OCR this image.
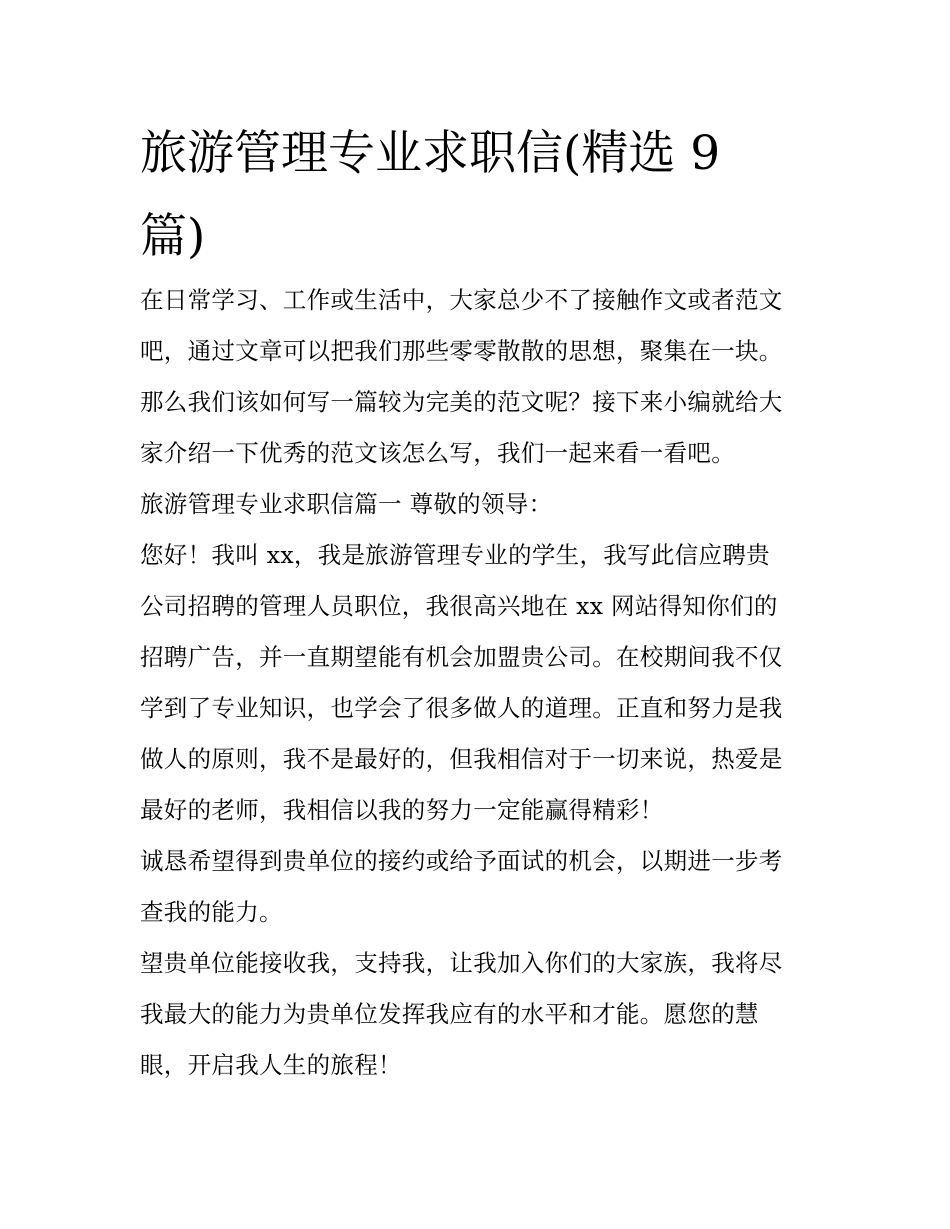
旅游管理专业求职信(精选 9 篇)

在日常学习、工作或生活中，大家总少不了接触作文或者范文

吧，通过文章可以把我们那些零零散散的思想，聚集在一块。

那么我们该如何写一篇较为完美的范文呢？接下来小编就给大

家介绍一下优秀的范文该怎么写，我们一起来看一看吧。

旅游管理专业求职信篇一 尊敬的领导：

您好！我叫 xx，我是旅游管理专业的学生，我写此信应聘贵

公司招聘的管理人员职位，我很高兴地在 xx 网站得知你们的

招聘广告，并一直期望能有机会加盟贵公司。在校期间我不仅

学到了专业知识，也学会了很多做人的道理。正直和努力是我

做人的原则，我不是最好的，但我相信对于一切来说，热爱是

最好的老师，我相信以我的努力一定能赢得精彩！

诚恳希望得到贵单位的接约或给予面试的机会，以期进一步考

查我的能力。

望贵单位能接收我，支持我，让我加入你们的大家族，我将尽

我最大的能力为贵单位发挥我应有的水平和才能。愿您的慧

眼，开启我人生的旅程！
